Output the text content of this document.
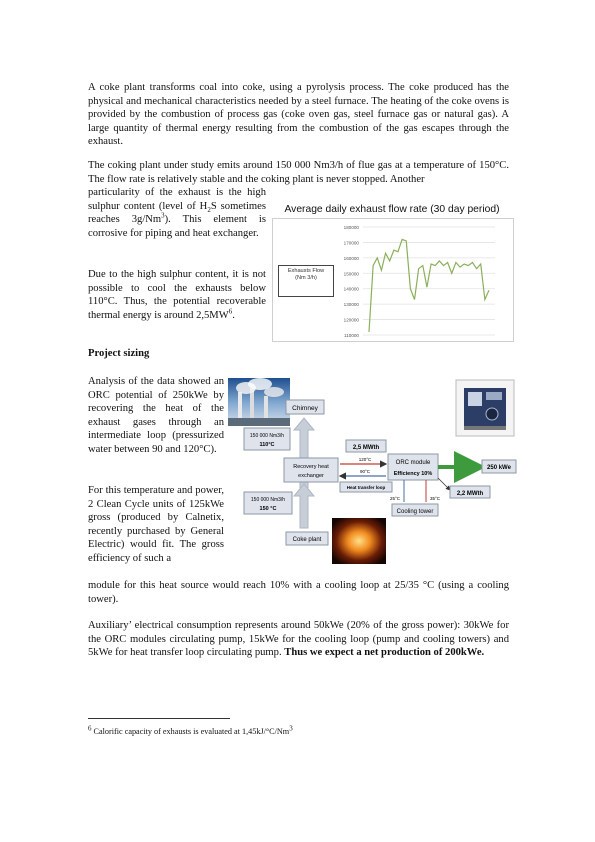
A coke plant transforms coal into coke, using a pyrolysis process. The coke produced has the physical and mechanical characteristics needed by a steel furnace. The heating of the coke ovens is provided by the combustion of process gas (coke oven gas, steel furnace gas or natural gas). A large quantity of thermal energy resulting from the combustion of the gas escapes through the exhaust.

The coking plant under study emits around 150 000 Nm3/h of flue gas at a temperature of 150°C. The flow rate is relatively stable and the coking plant is never stopped. Another

particularity of the exhaust is the high sulphur content (level of $H_2S$ sometimes reaches 3g/Nm$^3$). This element is corrosive for piping and heat exchanger.

Due to the high sulphur content, it is not possible to cool the exhausts below 110°C. Thus, the potential recoverable thermal energy is around $2,5MW^6$.

Project sizing

Analysis of the data showed an ORC potential of 250kWe by recovering the heat of the exhaust gases through an intermediate loop (pressurized water between 90 and 120°C).

For this temperature and power, 2 Clean Cycle units of 125kWe gross (produced by Calnetix, recently purchased by General Electric) would fit. The gross efficiency of such a

module for this heat source would reach 10% with a cooling loop at 25/35 °C (using a cooling tower).

Auxiliary’ electrical consumption represents around 50kWe (20% of the gross power): 30kWe for the ORC modules circulating pump, 15kWe for the cooling loop (pump and cooling towers) and 5kWe for heat transfer loop circulating pump. Thus we expect a net production of 200kWe.

Average daily exhaust flow rate (30 day period)
Exhausts Flow
(Nm 3/h)
110000
120000
130000
140000
150000
160000
170000
180000
Chimney
150 000 Nm3/h
110°C
Recovery heat
exchanger
2,5 MWth
120°C
90°C
Heat transfer loop
ORC module
Efficiency 10%
250 kWe
2,2 MWth
25°C	35°C
Cooling tower
150 000 Nm3/h
150 °C
Coke plant
$^6$ Calorific capacity of exhausts is evaluated at 1,45kJ/°C/Nm$^3$
